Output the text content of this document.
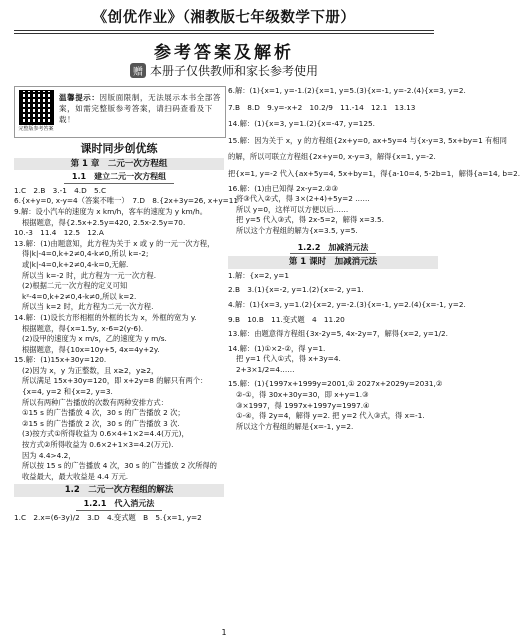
《创优作业》（湘教版七年级数学下册）
参考答案及解析
赠 本册子仅供教师和家长参考使用
完整版参考答案
温馨提示：因版面限制，无法展示本书全部答案，如需完整版参考答案，请扫码查看及下载！
课时同步创优练
第 1 章　二元一次方程组
1.1　建立二元一次方程组
1.C　2.B　3.-1　4.D　5.C
6.{x+y=0, x-y=4（答案不唯一）　7.D　8.{2x+3y=26, x+y=11
9.解：设小汽车的速度为 x km/h，客车的速度为 y km/h。
根据题意，得{2.5x+2.5y=420, 2.5x-2.5y=70.
10.-3　11.4　12.5　12.A
13.解：(1)由题意知，此方程为关于 x 或 y 的一元一次方程，
得|k|-4=0,k+2≠0,4-k≠0,所以 k=-2;
或|k|-4=0,k+2≠0,4-k=0,无解.
所以当 k=-2 时，此方程为一元一次方程.
(2)根据二元一次方程的定义可知
k²-4=0,k+2≠0,4-k≠0,所以 k=2.
所以当 k=2 时，此方程为二元一次方程.
14.解：(1)设长方形相框的外框的长为 x，外框的宽为 y.
根据题意，得{x=1.5y, x-6=2(y-6).
(2)设甲的速度为 x m/s，乙的速度为 y m/s.
根据题意，得{10x=10y+5, 4x=4y+2y.
15.解：(1)15x+30y=120.
(2)因为 x，y 为正整数，且 x≥2，y≥2，
所以满足 15x+30y=120，即 x+2y=8 的解只有两个：
{x=4, y=2 和{x=2, y=3.
所以有两种广告播放的次数有两种安排方式：
①15 s 的广告播放 4 次，30 s 的广告播放 2 次；
②15 s 的广告播放 2 次，30 s 的广告播放 3 次.
(3)按方式①所得收益为 0.6×4+1×2=4.4(万元)，
按方式②所得收益为 0.6×2+1×3=4.2(万元).
因为 4.4>4.2，
所以按 15 s 的广告播放 4 次，30 s 的广告播放 2 次所得的
收益最大，最大收益是 4.4 万元.
1.2　二元一次方程组的解法
1.2.1　代入消元法
1.C　2.x=(6-3y)/2　3.D　4.变式题　B　5.{x=1, y=2
6.解：(1){x=1, y=-1.(2){x=1, y=5.(3){x=-1, y=-2.(4){x=3, y=2.
7.B　8.D　9.y=-x+2　10.2/9　11.-14　12.1　13.13
14.解：(1){x=3, y=1.(2){x=-47, y=125.
15.解：因为关于 x，y 的方程组{2x+y=0, ax+5y=4 与{x-y=3, 5x+by=1 有相同
的解，所以可联立方程组{2x+y=0, x-y=3，解得{x=1, y=-2.
把{x=1, y=-2 代入{ax+5y=4, 5x+by=1，得{a-10=4, 5-2b=1，解得{a=14, b=2.
16.解：(1)由已知得 2x-y=2.②③
将③代入②式，得 3×(2+4)+5y=2 ……
所以 y=0，这样可以方便以后……
把 y=5 代入③式，得 2x-5=2，解得 x=3.5.
所以这个方程组的解为{x=3.5, y=5.
1.2.2　加减消元法
第 1 课时　加减消元法
1.解：{x=2, y=1
2.B　3.(1){x=-2, y=1.(2){x=-2, y=1.
4.解：(1){x=3, y=1.(2){x=2, y=-2.(3){x=-1, y=2.(4){x=-1, y=2.
9.B　10.B　11.变式题　4　11.20
13.解：由题意得方程组{3x-2y=5, 4x-2y=7，解得{x=2, y=1/2.
14.解：(1)①×2-②，得 y=1.
把 y=1 代入①式，得 x+3y=4.
2+3×1/2=4……
15.解：(1){1997x+1999y=2001,① 2027x+2029y=2031,②
②-①，得 30x+30y=30，即 x+y=1.③
③×1997，得 1997x+1997y=1997.④
①-④，得 2y=4，解得 y=2. 把 y=2 代入③式，得 x=-1.
所以这个方程组的解是{x=-1, y=2.
1
